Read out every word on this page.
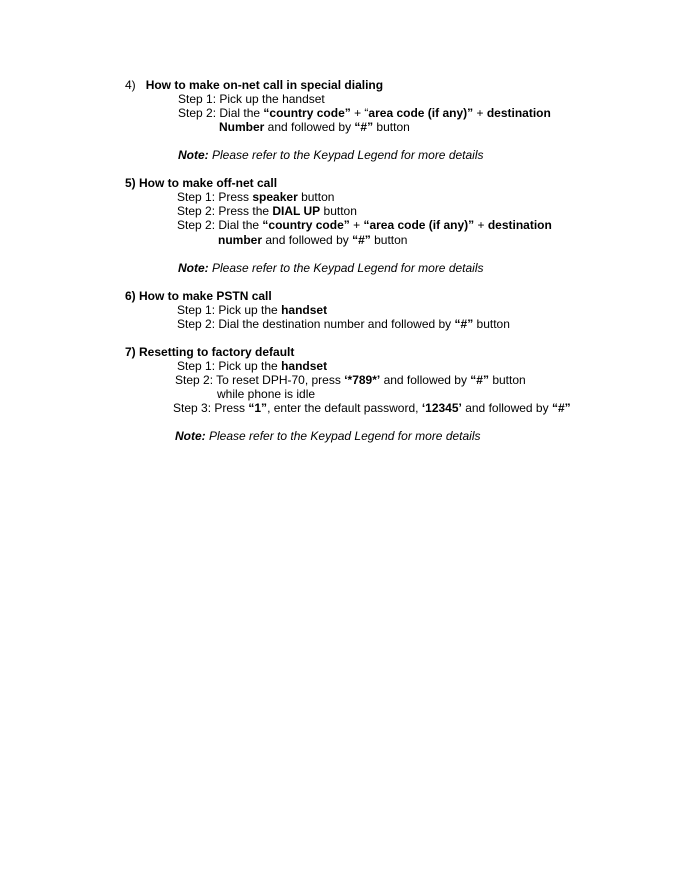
4) How to make on-net call in special dialing
Step 1: Pick up the handset
Step 2: Dial the “country code” + “area code (if any)” + destination
Number and followed by “#” button
Note: Please refer to the Keypad Legend for more details
5) How to make off-net call
Step 1: Press speaker button
Step 2: Press the DIAL UP button
Step 2: Dial the “country code” + “area code (if any)” + destination
number and followed by “#” button
Note: Please refer to the Keypad Legend for more details
6) How to make PSTN call
Step 1: Pick up the handset
Step 2: Dial the destination number and followed by “#” button
7) Resetting to factory default
Step 1: Pick up the handset
Step 2: To reset DPH-70, press ‘*789*’ and followed by “#” button
while phone is idle
Step 3: Press “1”, enter the default password, ‘12345’ and followed by “#”
Note: Please refer to the Keypad Legend for more details
